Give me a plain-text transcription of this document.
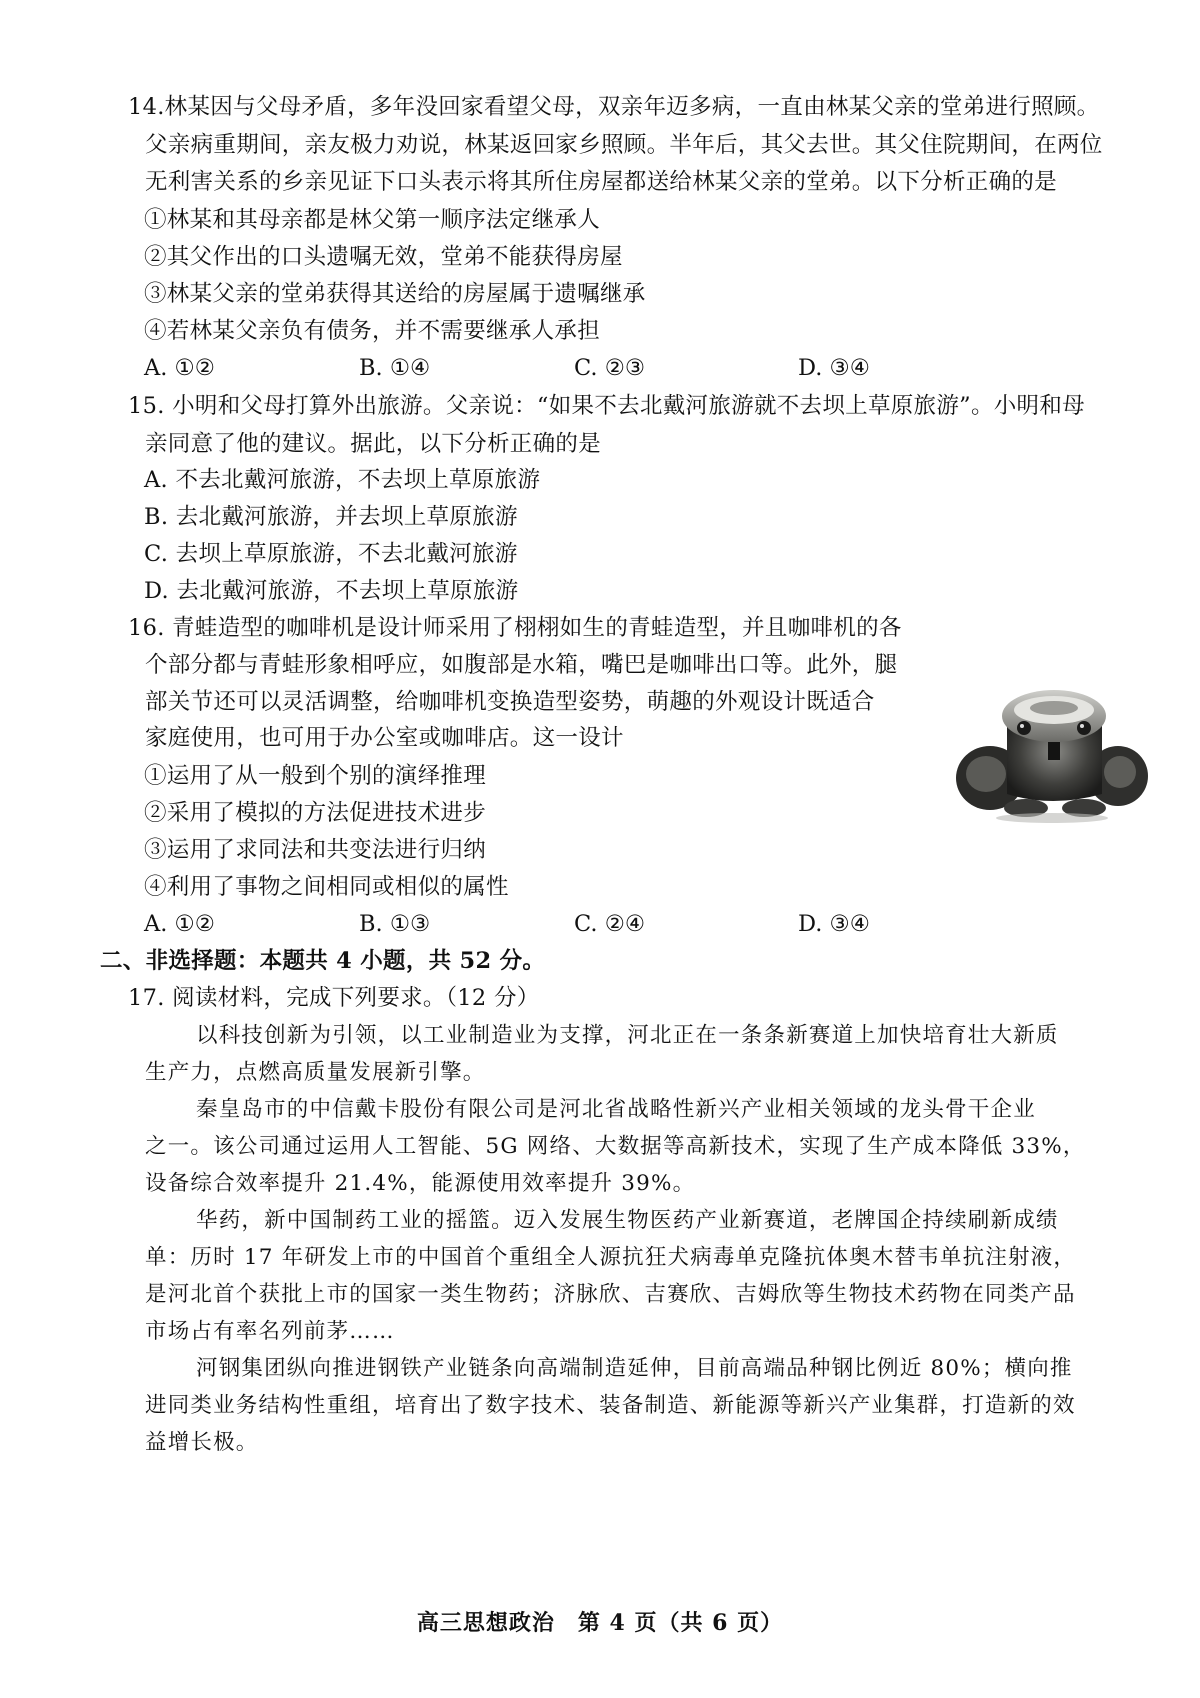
14.林某因与父母矛盾，多年没回家看望父母，双亲年迈多病，一直由林某父亲的堂弟进行照顾。
父亲病重期间，亲友极力劝说，林某返回家乡照顾。半年后，其父去世。其父住院期间，在两位
无利害关系的乡亲见证下口头表示将其所住房屋都送给林某父亲的堂弟。以下分析正确的是
①林某和其母亲都是林父第一顺序法定继承人
②其父作出的口头遗嘱无效，堂弟不能获得房屋
③林某父亲的堂弟获得其送给的房屋属于遗嘱继承
④若林某父亲负有债务，并不需要继承人承担
A. ①②	B. ①④	C. ②③	D. ③④
15. 小明和父母打算外出旅游。父亲说：“如果不去北戴河旅游就不去坝上草原旅游”。小明和母
亲同意了他的建议。据此，以下分析正确的是
A. 不去北戴河旅游，不去坝上草原旅游
B. 去北戴河旅游，并去坝上草原旅游
C. 去坝上草原旅游，不去北戴河旅游
D. 去北戴河旅游，不去坝上草原旅游
16. 青蛙造型的咖啡机是设计师采用了栩栩如生的青蛙造型，并且咖啡机的各
个部分都与青蛙形象相呼应，如腹部是水箱，嘴巴是咖啡出口等。此外，腿
部关节还可以灵活调整，给咖啡机变换造型姿势，萌趣的外观设计既适合
家庭使用，也可用于办公室或咖啡店。这一设计
①运用了从一般到个别的演绎推理
②采用了模拟的方法促进技术进步
③运用了求同法和共变法进行归纳
④利用了事物之间相同或相似的属性
A. ①②	B. ①③	C. ②④	D. ③④
二、非选择题：本题共 4 小题，共 52 分。
17. 阅读材料，完成下列要求。（12 分）
以科技创新为引领，以工业制造业为支撑，河北正在一条条新赛道上加快培育壮大新质
生产力，点燃高质量发展新引擎。
秦皇岛市的中信戴卡股份有限公司是河北省战略性新兴产业相关领域的龙头骨干企业
之一。该公司通过运用人工智能、5G 网络、大数据等高新技术，实现了生产成本降低 33%，
设备综合效率提升 21.4%，能源使用效率提升 39%。
华药，新中国制药工业的摇篮。迈入发展生物医药产业新赛道，老牌国企持续刷新成绩
单：历时 17 年研发上市的中国首个重组全人源抗狂犬病毒单克隆抗体奥木替韦单抗注射液，
是河北首个获批上市的国家一类生物药；济脉欣、吉赛欣、吉姆欣等生物技术药物在同类产品
市场占有率名列前茅……
河钢集团纵向推进钢铁产业链条向高端制造延伸，目前高端品种钢比例近 80%；横向推
进同类业务结构性重组，培育出了数字技术、装备制造、新能源等新兴产业集群，打造新的效
益增长极。
高三思想政治　第 4 页（共 6 页）
